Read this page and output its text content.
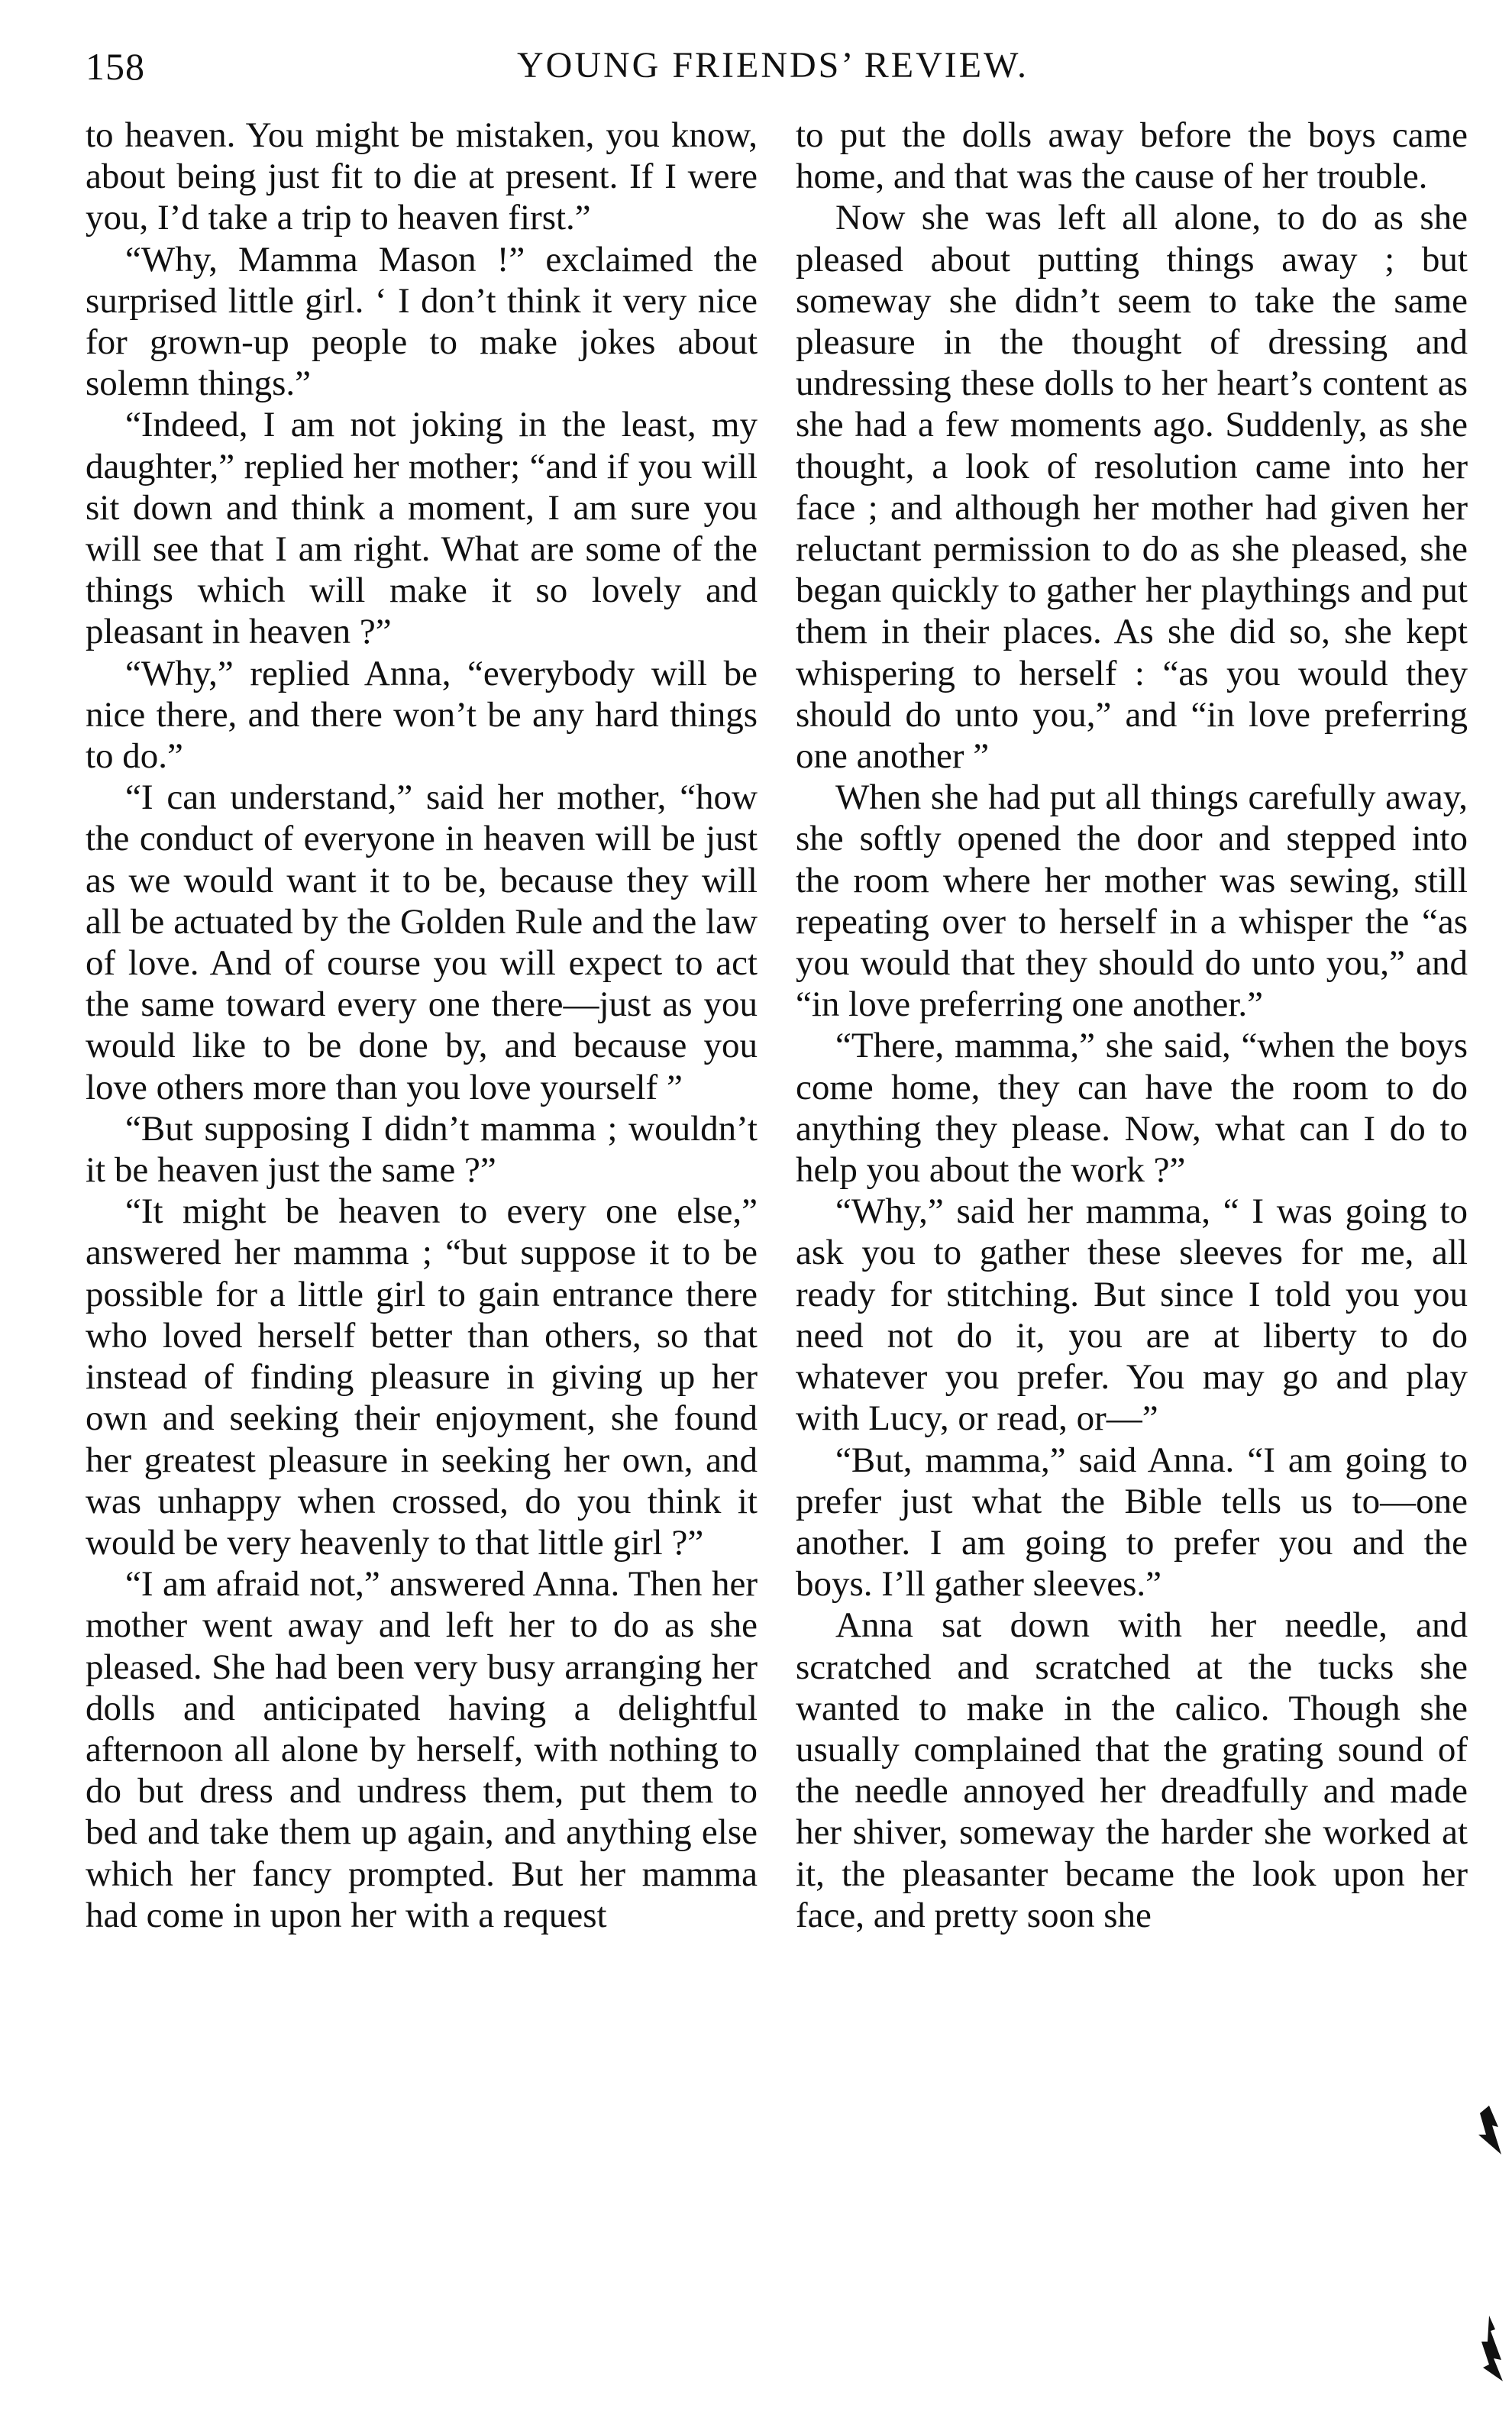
158	YOUNG FRIENDS’ REVIEW.

to heaven. You might be mistaken, you know, about being just fit to die at present. If I were you, I’d take a trip to heaven first.”

“Why, Mamma Mason !” exclaimed the surprised little girl. ‘ I don’t think it very nice for grown-up people to make jokes about solemn things.”

“Indeed, I am not joking in the least, my daughter,” replied her mother; “and if you will sit down and think a moment, I am sure you will see that I am right. What are some of the things which will make it so lovely and pleasant in heaven ?”

“Why,” replied Anna, “everybody will be nice there, and there won’t be any hard things to do.”

“I can understand,” said her mother, “how the conduct of everyone in heaven will be just as we would want it to be, because they will all be actuated by the Golden Rule and the law of love. And of course you will expect to act the same toward every one there—just as you would like to be done by, and because you love others more than you love yourself ”

“But supposing I didn’t mamma ; wouldn’t it be heaven just the same ?”

“It might be heaven to every one else,” answered her mamma ; “but suppose it to be possible for a little girl to gain entrance there who loved herself better than others, so that instead of finding pleasure in giving up her own and seeking their enjoyment, she found her greatest pleasure in seeking her own, and was unhappy when crossed, do you think it would be very heavenly to that little girl ?”

“I am afraid not,” answered Anna. Then her mother went away and left her to do as she pleased. She had been very busy arranging her dolls and anticipated having a delightful afternoon all alone by herself, with nothing to do but dress and undress them, put them to bed and take them up again, and anything else which her fancy prompted. But her mamma had come in upon her with a request

to put the dolls away before the boys came home, and that was the cause of her trouble.

Now she was left all alone, to do as she pleased about putting things away ; but someway she didn’t seem to take the same pleasure in the thought of dressing and undressing these dolls to her heart’s content as she had a few moments ago. Suddenly, as she thought, a look of resolution came into her face ; and although her mother had given her reluctant permission to do as she pleased, she began quickly to gather her playthings and put them in their places. As she did so, she kept whispering to herself : “as you would they should do unto you,” and “in love preferring one another ”

When she had put all things carefully away, she softly opened the door and stepped into the room where her mother was sewing, still repeating over to herself in a whisper the “as you would that they should do unto you,” and “in love preferring one another.”

“There, mamma,” she said, “when the boys come home, they can have the room to do anything they please. Now, what can I do to help you about the work ?”

“Why,” said her mamma, “ I was going to ask you to gather these sleeves for me, all ready for stitching. But since I told you you need not do it, you are at liberty to do whatever you prefer. You may go and play with Lucy, or read, or—”

“But, mamma,” said Anna. “I am going to prefer just what the Bible tells us to—one another. I am going to prefer you and the boys. I’ll gather sleeves.”

Anna sat down with her needle, and scratched and scratched at the tucks she wanted to make in the calico. Though she usually complained that the grating sound of the needle annoyed her dreadfully and made her shiver, someway the harder she worked at it, the pleasanter became the look upon her face, and pretty soon she
